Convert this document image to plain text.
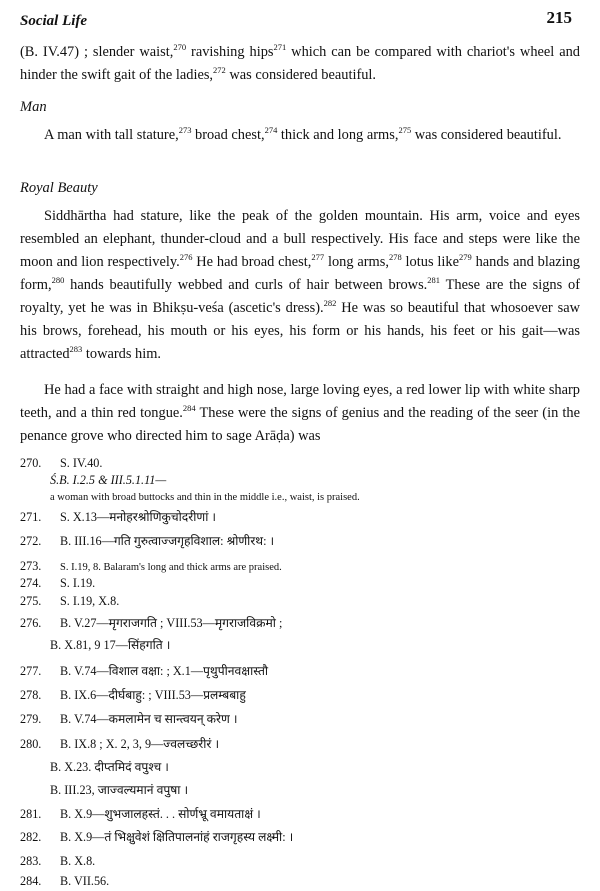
Social Life	215

(B. IV.47) ; slender waist,$^{270}$ ravishing hips$^{271}$ which can be compared with chariot's wheel and hinder the swift gait of the ladies,$^{272}$ was considered beautiful.

Man

A man with tall stature,$^{273}$ broad chest,$^{274}$ thick and long arms,$^{275}$ was considered beautiful.

Royal Beauty

Siddhārtha had stature, like the peak of the golden mountain. His arm, voice and eyes resembled an elephant, thunder-cloud and a bull respectively. His face and steps were like the moon and lion respectively.$^{276}$ He had broad chest,$^{277}$ long arms,$^{278}$ lotus like$^{279}$ hands and blazing form,$^{280}$ hands beautifully webbed and curls of hair between brows.$^{281}$ These are the signs of royalty, yet he was in Bhikṣu-veśa (ascetic's dress).$^{282}$ He was so beautiful that whosoever saw his brows, forehead, his mouth or his eyes, his form or his hands, his feet or his gait—was attracted$^{283}$ towards him.

He had a face with straight and high nose, large loving eyes, a red lower lip with white sharp teeth, and a thin red tongue.$^{284}$ These were the signs of genius and the reading of the seer (in the penance grove who directed him to sage Arāḍa) was

270. S. IV.40.
Ś.B. I.2.5 & III.5.1.11—
a woman with broad buttocks and thin in the middle i.e., waist, is praised.
271. S. X.13—मनोहरश्रोणिकुचोदरीणां ।
272. B. III.16—गति गुरुत्वाज्जगृहविशाल: श्रोणीरथ: ।
273. S. I.19, 8. Balaram's long and thick arms are praised.
274. S. I.19.
275. S. I.19, X.8.
276. B. V.27—मृगराजगति ; VIII.53—मृगराजविक्रमो ;
B. X.81, 9 17—सिंहगति ।
277. B. V.74—विशाल वक्षा: ; X.1—पृथुपीनवक्षास्तौ
278. B. IX.6—दीर्घबाहु: ; VIII.53—प्रलम्बबाहु
279. B. V.74—कमलामेन च सान्त्वयन् करेण ।
280. B. IX.8 ; X. 2, 3, 9—ज्वलच्छरीरं ।
B. X.23. दीप्तमिदं वपुश्च ।
B. III.23, जाज्वल्यमानं वपुषा ।
281. B. X.9—शुभजालहस्तं. . . सोर्णभ्रू वमायताक्षं ।
282. B. X.9—तं भिक्षुवेशं क्षितिपालनांहं राजगृहस्य लक्ष्मी: ।
283. B. X.8.
284. B. VII.56.
